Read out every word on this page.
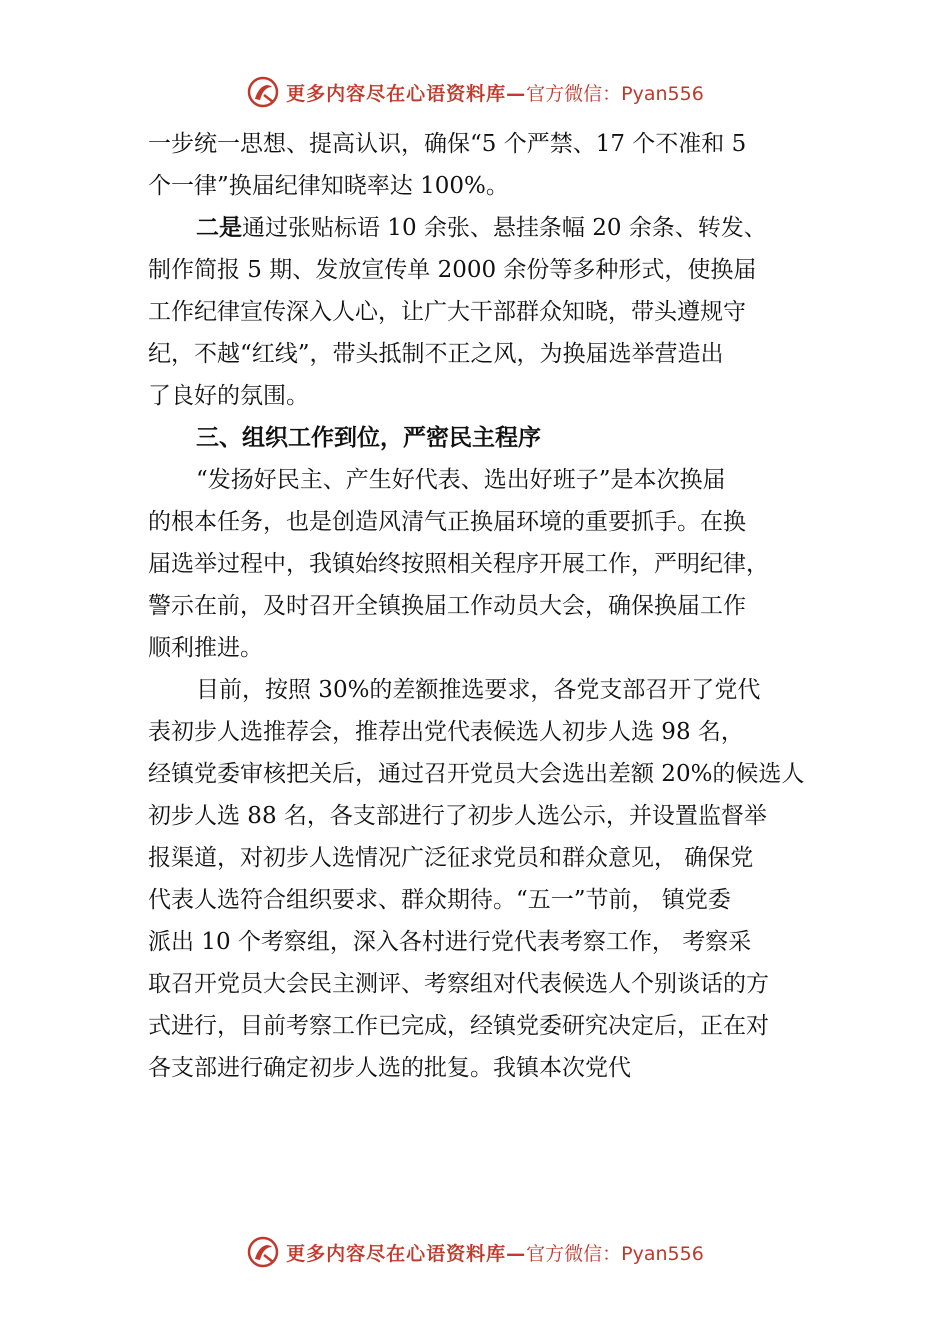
更多内容尽在心语资料库— 官方微信：Pyan556
一步统一思想、提高认识，确保“5 个严禁、17 个不准和 5
个一律”换届纪律知晓率达 100%。
二是通过张贴标语 10 余张、悬挂条幅 20 余条、转发、
制作简报 5 期、发放宣传单 2000 余份等多种形式，使换届
工作纪律宣传深入人心，让广大干部群众知晓，带头遵规守
纪，不越“红线”，带头抵制不正之风，为换届选举营造出
了良好的氛围。
三、组织工作到位，严密民主程序
“发扬好民主、产生好代表、选出好班子”是本次换届
的根本任务，也是创造风清气正换届环境的重要抓手。在换
届选举过程中，我镇始终按照相关程序开展工作，严明纪律，
警示在前，及时召开全镇换届工作动员大会，确保换届工作
顺利推进。
目前，按照 30%的差额推选要求，各党支部召开了党代
表初步人选推荐会，推荐出党代表候选人初步人选 98 名，
经镇党委审核把关后，通过召开党员大会选出差额 20%的候选人
初步人选 88 名，各支部进行了初步人选公示，并设置监督举
报渠道，对初步人选情况广泛征求党员和群众意见， 确保党
代表人选符合组织要求、群众期待。“五一”节前， 镇党委
派出 10 个考察组，深入各村进行党代表考察工作， 考察采
取召开党员大会民主测评、考察组对代表候选人个别谈话的方
式进行，目前考察工作已完成，经镇党委研究决定后，正在对
各支部进行确定初步人选的批复。我镇本次党代
更多内容尽在心语资料库— 官方微信：Pyan556
